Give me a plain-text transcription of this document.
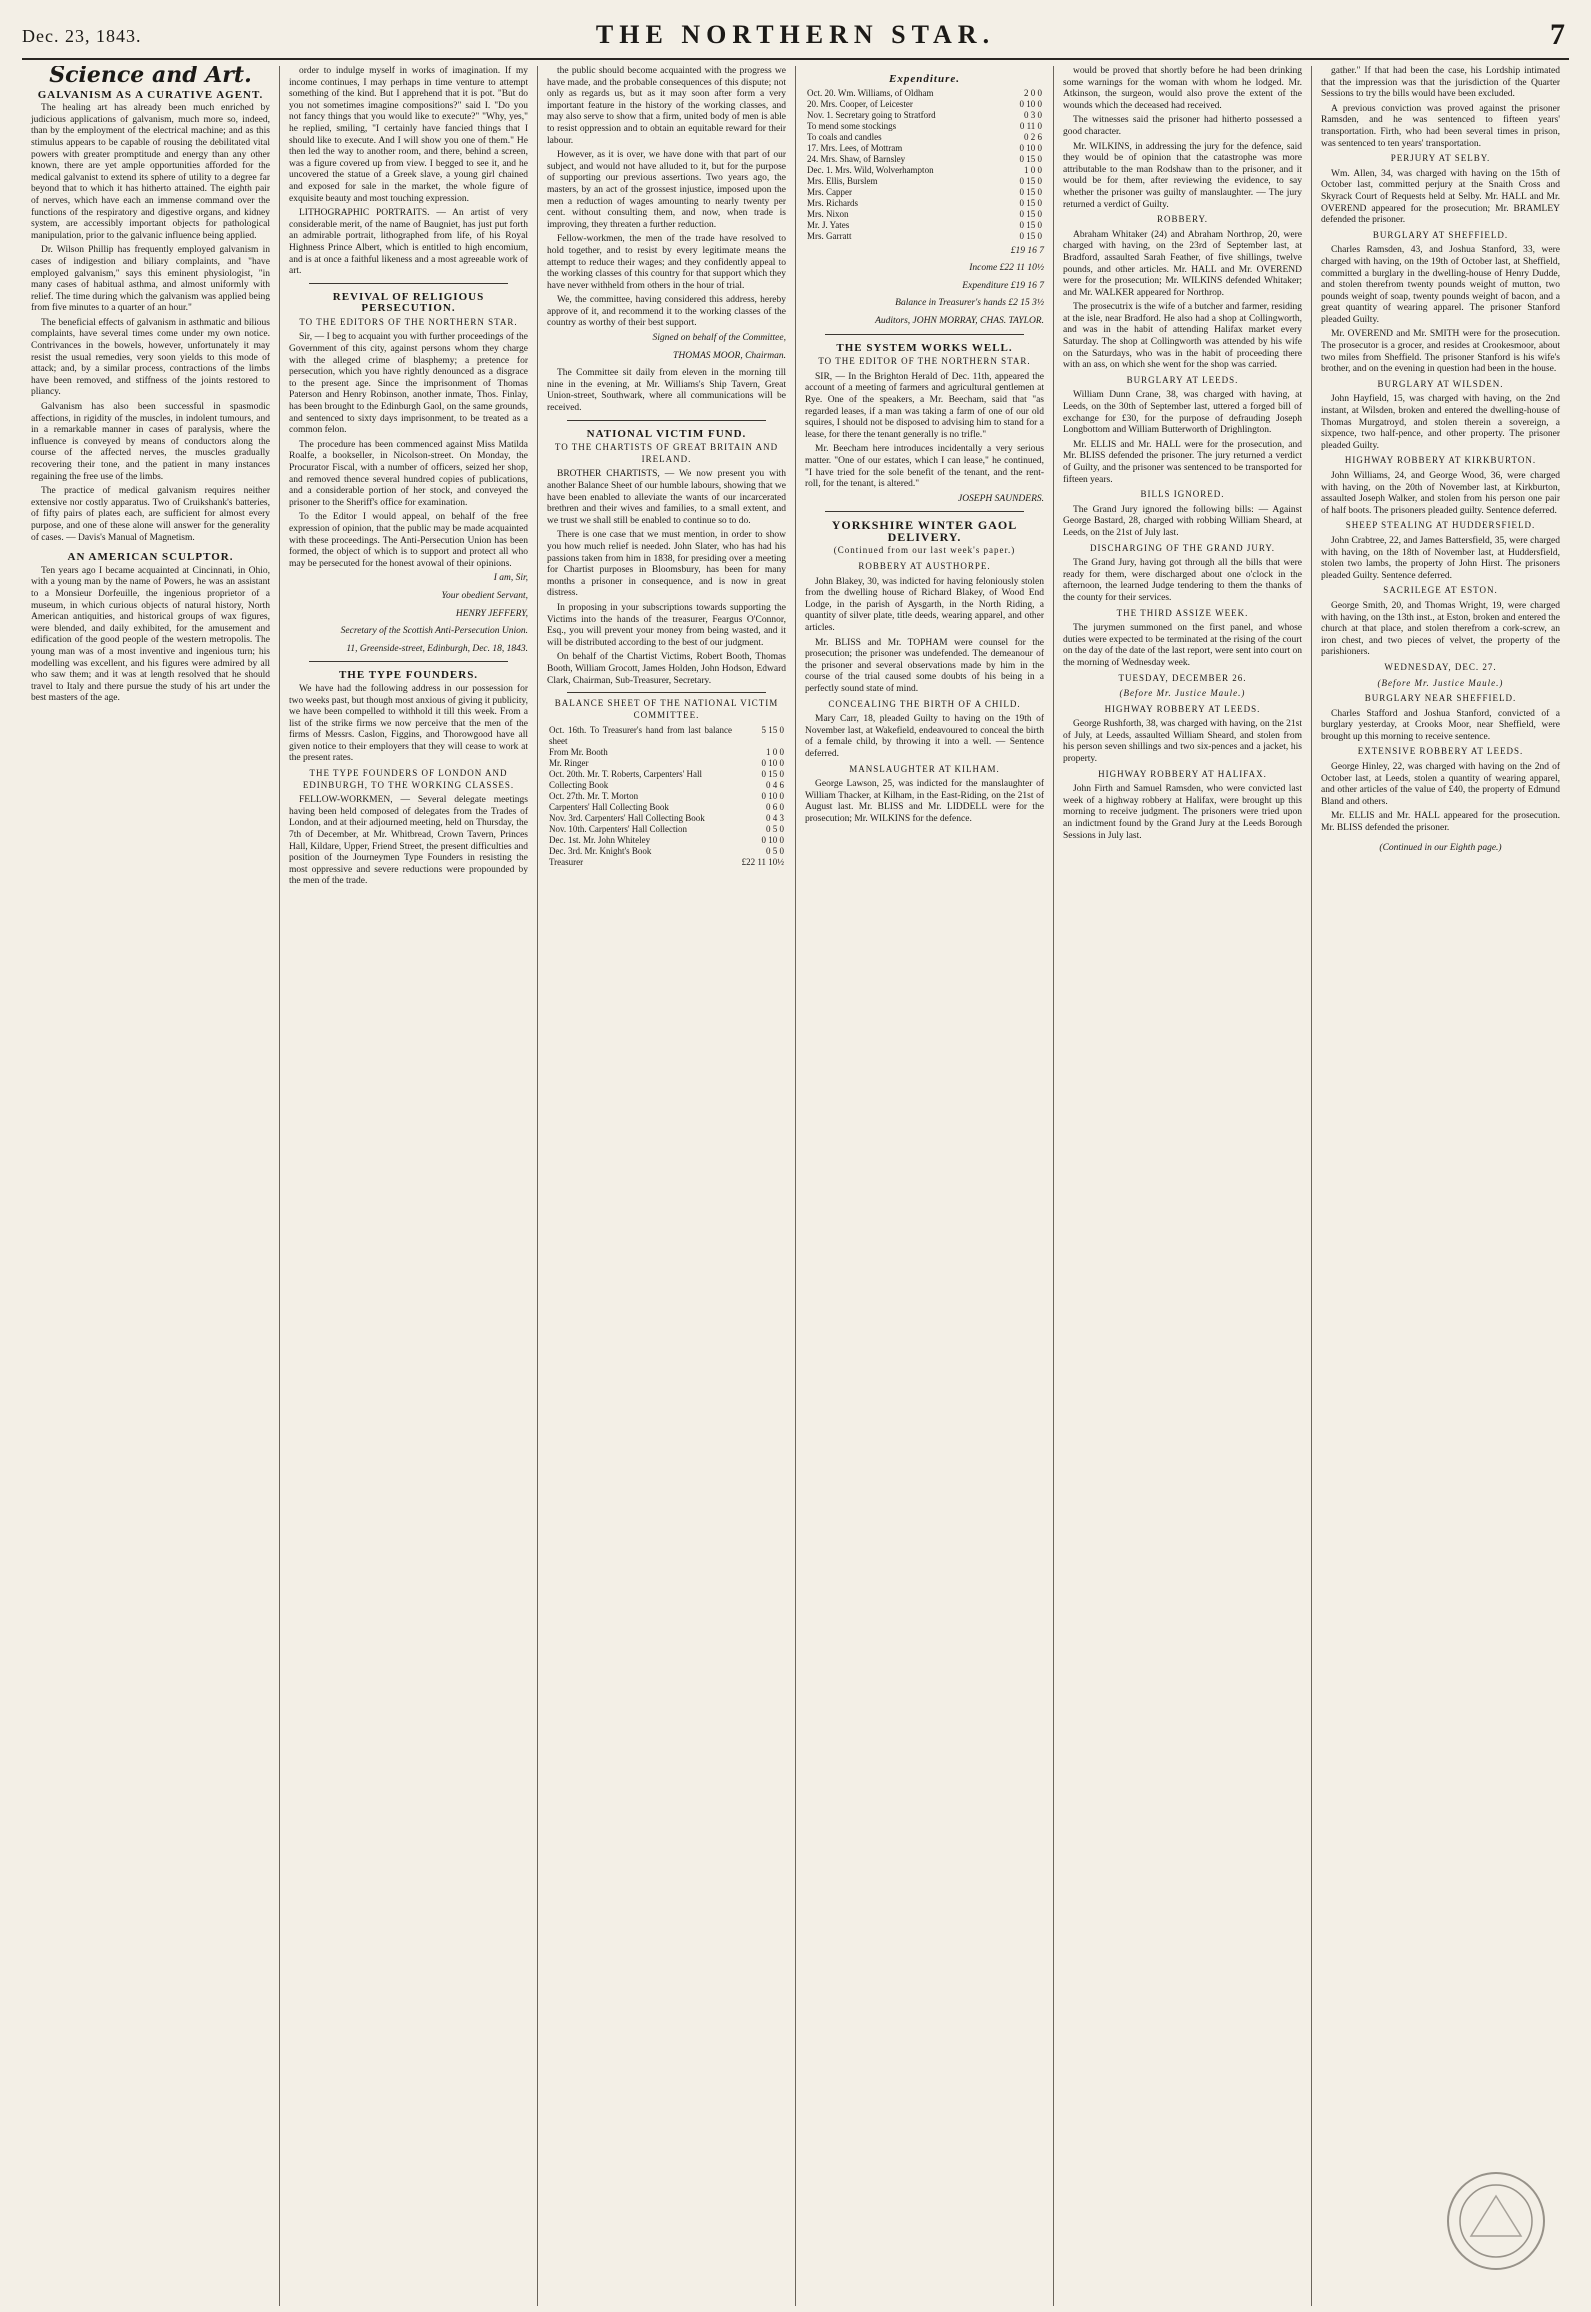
Dec. 23, 1843.	THE NORTHERN STAR.	7
Science and Art.
GALVANISM AS A CURATIVE AGENT.

The healing art has already been much enriched by judicious applications of galvanism, much more so, indeed, than by the employment of the electrical machine; and as this stimulus appears to be capable of rousing the debilitated vital powers with greater promptitude and energy than any other known, there are yet ample opportunities afforded for the medical galvanist to extend its sphere of utility to a degree far beyond that to which it has hitherto attained. The eighth pair of nerves, which have each an immense command over the functions of the respiratory and digestive organs, and kidney system, are accessibly important objects for pathological manipulation, prior to the galvanic influence being applied.

Dr. Wilson Phillip has frequently employed galvanism in cases of indigestion and biliary complaints, and "have employed galvanism," says this eminent physiologist, "in many cases of habitual asthma, and almost uniformly with relief. The time during which the galvanism was applied being from five minutes to a quarter of an hour."

The beneficial effects of galvanism in asthmatic and bilious complaints, have several times come under my own notice. Contrivances in the bowels, however, unfortunately it may resist the usual remedies, very soon yields to this mode of attack; and, by a similar process, contractions of the limbs have been removed, and stiffness of the joints restored to pliancy.

Galvanism has also been successful in spasmodic affections, in rigidity of the muscles, in indolent tumours, and in a remarkable manner in cases of paralysis, where the influence is conveyed by means of conductors along the course of the affected nerves, the muscles gradually recovering their tone, and the patient in many instances regaining the free use of the limbs.

The practice of medical galvanism requires neither extensive nor costly apparatus. Two of Cruikshank's batteries, of fifty pairs of plates each, are sufficient for almost every purpose, and one of these alone will answer for the generality of cases. — Davis's Manual of Magnetism.

AN AMERICAN SCULPTOR.

Ten years ago I became acquainted at Cincinnati, in Ohio, with a young man by the name of Powers, he was an assistant to a Monsieur Dorfeuille, the ingenious proprietor of a museum, in which curious objects of natural history, North American antiquities, and historical groups of wax figures, were blended, and daily exhibited, for the amusement and edification of the good people of the western metropolis. The young man was of a most inventive and ingenious turn; his modelling was excellent, and his figures were admired by all who saw them; and it was at length resolved that he should travel to Italy and there pursue the study of his art under the best masters of the age.

order to indulge myself in works of imagination. If my income continues, I may perhaps in time venture to attempt something of the kind. But I apprehend that it is pot. "But do you not sometimes imagine compositions?" said I. "Do you not fancy things that you would like to execute?" "Why, yes," he replied, smiling, "I certainly have fancied things that I should like to execute. And I will show you one of them." He then led the way to another room, and there, behind a screen, was a figure covered up from view. I begged to see it, and he uncovered the statue of a Greek slave, a young girl chained and exposed for sale in the market, the whole figure of exquisite beauty and most touching expression.

LITHOGRAPHIC PORTRAITS. — An artist of very considerable merit, of the name of Baugniet, has just put forth an admirable portrait, lithographed from life, of his Royal Highness Prince Albert, which is entitled to high encomium, and is at once a faithful likeness and a most agreeable work of art.

REVIVAL OF RELIGIOUS PERSECUTION.
TO THE EDITORS OF THE NORTHERN STAR.

Sir, — I beg to acquaint you with further proceedings of the Government of this city, against persons whom they charge with the alleged crime of blasphemy; a pretence for persecution, which you have rightly denounced as a disgrace to the present age. Since the imprisonment of Thomas Paterson and Henry Robinson, another inmate, Thos. Finlay, has been brought to the Edinburgh Gaol, on the same grounds, and sentenced to sixty days imprisonment, to be treated as a common felon.

The procedure has been commenced against Miss Matilda Roalfe, a bookseller, in Nicolson-street. On Monday, the Procurator Fiscal, with a number of officers, seized her shop, and removed thence several hundred copies of publications, and a considerable portion of her stock, and conveyed the prisoner to the Sheriff's office for examination.

To the Editor I would appeal, on behalf of the free expression of opinion, that the public may be made acquainted with these proceedings. The Anti-Persecution Union has been formed, the object of which is to support and protect all who may be persecuted for the honest avowal of their opinions.

I am, Sir,
Your obedient Servant,
HENRY JEFFERY,
Secretary of the Scottish Anti-Persecution Union.
11, Greenside-street, Edinburgh, Dec. 18, 1843.
THE TYPE FOUNDERS.

We have had the following address in our possession for two weeks past, but though most anxious of giving it publicity, we have been compelled to withhold it till this week. From a list of the strike firms we now perceive that the men of the firms of Messrs. Caslon, Figgins, and Thorowgood have all given notice to their employers that they will cease to work at the present rates.

THE TYPE FOUNDERS OF LONDON AND EDINBURGH, TO THE WORKING CLASSES.

FELLOW-WORKMEN, — Several delegate meetings having been held composed of delegates from the Trades of London, and at their adjourned meeting, held on Thursday, the 7th of December, at Mr. Whitbread, Crown Tavern, Princes Hall, Kildare, Upper, Friend Street, the present difficulties and position of the Journeymen Type Founders in resisting the most oppressive and severe reductions were propounded by the men of the trade.

the public should become acquainted with the progress we have made, and the probable consequences of this dispute; not only as regards us, but as it may soon after form a very important feature in the history of the working classes, and may also serve to show that a firm, united body of men is able to resist oppression and to obtain an equitable reward for their labour.

However, as it is over, we have done with that part of our subject, and would not have alluded to it, but for the purpose of supporting our previous assertions. Two years ago, the masters, by an act of the grossest injustice, imposed upon the men a reduction of wages amounting to nearly twenty per cent. without consulting them, and now, when trade is improving, they threaten a further reduction.

Fellow-workmen, the men of the trade have resolved to hold together, and to resist by every legitimate means the attempt to reduce their wages; and they confidently appeal to the working classes of this country for that support which they have never withheld from others in the hour of trial.

We, the committee, having considered this address, hereby approve of it, and recommend it to the working classes of the country as worthy of their best support.

Signed on behalf of the Committee,
THOMAS MOOR, Chairman.

The Committee sit daily from eleven in the morning till nine in the evening, at Mr. Williams's Ship Tavern, Great Union-street, Southwark, where all communications will be received.

NATIONAL VICTIM FUND.
TO THE CHARTISTS OF GREAT BRITAIN AND IRELAND.

BROTHER CHARTISTS, — We now present you with another Balance Sheet of our humble labours, showing that we have been enabled to alleviate the wants of our incarcerated brethren and their wives and families, to a small extent, and we trust we shall still be enabled to continue so to do.

There is one case that we must mention, in order to show you how much relief is needed. John Slater, who has had his passions taken from him in 1838, for presiding over a meeting for Chartist purposes in Bloomsbury, has been for many months a prisoner in consequence, and is now in great distress.

In proposing in your subscriptions towards supporting the Victims into the hands of the treasurer, Feargus O'Connor, Esq., you will prevent your money from being wasted, and it will be distributed according to the best of our judgment.

On behalf of the Chartist Victims, Robert Booth, Thomas Booth, William Grocott, James Holden, John Hodson, Edward Clark, Chairman, Sub-Treasurer, Secretary.

BALANCE SHEET OF THE NATIONAL VICTIM COMMITTEE.
Oct. 16th. To Treasurer's hand from last balance sheet	5 15 0
From Mr. Booth	1 0 0
Mr. Ringer	0 10 0
Oct. 20th. Mr. T. Roberts, Carpenters' Hall	0 15 0
Collecting Book	0 4 6
Oct. 27th. Mr. T. Morton	0 10 0
Carpenters' Hall Collecting Book	0 6 0
Nov. 3rd. Carpenters' Hall Collecting Book	0 4 3
Nov. 10th. Carpenters' Hall Collection	0 5 0
Dec. 1st. Mr. John Whiteley	0 10 0
Dec. 3rd. Mr. Knight's Book	0 5 0
Treasurer	£22 11 10½
Expenditure.
Oct. 20. Wm. Williams, of Oldham	2 0 0
20. Mrs. Cooper, of Leicester	0 10 0
Nov. 1. Secretary going to Stratford	0 3 0
To mend some stockings	0 11 0
To coals and candles	0 2 6
17. Mrs. Lees, of Mottram	0 10 0
24. Mrs. Shaw, of Barnsley	0 15 0
Dec. 1. Mrs. Wild, Wolverhampton	1 0 0
Mrs. Ellis, Burslem	0 15 0
Mrs. Capper	0 15 0
Mrs. Richards	0 15 0
Mrs. Nixon	0 15 0
Mr. J. Yates	0 15 0
Mrs. Garratt	0 15 0
£19 16 7
Income £22 11 10½
Expenditure £19 16 7
Balance in Treasurer's hands £2 15 3½
Auditors, JOHN MORRAY, CHAS. TAYLOR.
THE SYSTEM WORKS WELL.
TO THE EDITOR OF THE NORTHERN STAR.

SIR, — In the Brighton Herald of Dec. 11th, appeared the account of a meeting of farmers and agricultural gentlemen at Rye. One of the speakers, a Mr. Beecham, said that "as regarded leases, if a man was taking a farm of one of our old squires, I should not be disposed to advising him to stand for a lease, for there the tenant generally is no trifle."

Mr. Beecham here introduces incidentally a very serious matter. "One of our estates, which I can lease," he continued, "I have tried for the sole benefit of the tenant, and the rent-roll, for the tenant, is altered."

JOSEPH SAUNDERS.
YORKSHIRE WINTER GAOL DELIVERY.
(Continued from our last week's paper.)
ROBBERY AT AUSTHORPE.

John Blakey, 30, was indicted for having feloniously stolen from the dwelling house of Richard Blakey, of Wood End Lodge, in the parish of Aysgarth, in the North Riding, a quantity of silver plate, title deeds, wearing apparel, and other articles.

Mr. BLISS and Mr. TOPHAM were counsel for the prosecution; the prisoner was undefended. The demeanour of the prisoner and several observations made by him in the course of the trial caused some doubts of his being in a perfectly sound state of mind.

CONCEALING THE BIRTH OF A CHILD.

Mary Carr, 18, pleaded Guilty to having on the 19th of November last, at Wakefield, endeavoured to conceal the birth of a female child, by throwing it into a well. — Sentence deferred.

MANSLAUGHTER AT KILHAM.

George Lawson, 25, was indicted for the manslaughter of William Thacker, at Kilham, in the East-Riding, on the 21st of August last. Mr. BLISS and Mr. LIDDELL were for the prosecution; Mr. WILKINS for the defence.

would be proved that shortly before he had been drinking some warnings for the woman with whom he lodged. Mr. Atkinson, the surgeon, would also prove the extent of the wounds which the deceased had received.

The witnesses said the prisoner had hitherto possessed a good character.

Mr. WILKINS, in addressing the jury for the defence, said they would be of opinion that the catastrophe was more attributable to the man Rodshaw than to the prisoner, and it would be for them, after reviewing the evidence, to say whether the prisoner was guilty of manslaughter. — The jury returned a verdict of Guilty.

ROBBERY.

Abraham Whitaker (24) and Abraham Northrop, 20, were charged with having, on the 23rd of September last, at Bradford, assaulted Sarah Feather, of five shillings, twelve pounds, and other articles. Mr. HALL and Mr. OVEREND were for the prosecution; Mr. WILKINS defended Whitaker; and Mr. WALKER appeared for Northrop.

The prosecutrix is the wife of a butcher and farmer, residing at the isle, near Bradford. He also had a shop at Collingworth, and was in the habit of attending Halifax market every Saturday. The shop at Collingworth was attended by his wife on the Saturdays, who was in the habit of proceeding there with an ass, on which she went for the shop was carried.

BURGLARY AT LEEDS.

William Dunn Crane, 38, was charged with having, at Leeds, on the 30th of September last, uttered a forged bill of exchange for £30, for the purpose of defrauding Joseph Longbottom and William Butterworth of Drighlington.

Mr. ELLIS and Mr. HALL were for the prosecution, and Mr. BLISS defended the prisoner. The jury returned a verdict of Guilty, and the prisoner was sentenced to be transported for fifteen years.

BILLS IGNORED.

The Grand Jury ignored the following bills: — Against George Bastard, 28, charged with robbing William Sheard, at Leeds, on the 21st of July last.

DISCHARGING OF THE GRAND JURY.

The Grand Jury, having got through all the bills that were ready for them, were discharged about one o'clock in the afternoon, the learned Judge tendering to them the thanks of the county for their services.

THE THIRD ASSIZE WEEK.

The jurymen summoned on the first panel, and whose duties were expected to be terminated at the rising of the court on the day of the date of the last report, were sent into court on the morning of Wednesday week.

TUESDAY, DECEMBER 26.
(Before Mr. Justice Maule.)
HIGHWAY ROBBERY AT LEEDS.

George Rushforth, 38, was charged with having, on the 21st of July, at Leeds, assaulted William Sheard, and stolen from his person seven shillings and two six-pences and a jacket, his property.

HIGHWAY ROBBERY AT HALIFAX.

John Firth and Samuel Ramsden, who were convicted last week of a highway robbery at Halifax, were brought up this morning to receive judgment. The prisoners were tried upon an indictment found by the Grand Jury at the Leeds Borough Sessions in July last.

gather." If that had been the case, his Lordship intimated that the impression was that the jurisdiction of the Quarter Sessions to try the bills would have been excluded.

A previous conviction was proved against the prisoner Ramsden, and he was sentenced to fifteen years' transportation. Firth, who had been several times in prison, was sentenced to ten years' transportation.

PERJURY AT SELBY.

Wm. Allen, 34, was charged with having on the 15th of October last, committed perjury at the Snaith Cross and Skyrack Court of Requests held at Selby. Mr. HALL and Mr. OVEREND appeared for the prosecution; Mr. BRAMLEY defended the prisoner.

BURGLARY AT SHEFFIELD.

Charles Ramsden, 43, and Joshua Stanford, 33, were charged with having, on the 19th of October last, at Sheffield, committed a burglary in the dwelling-house of Henry Dudde, and stolen therefrom twenty pounds weight of mutton, two pounds weight of soap, twenty pounds weight of bacon, and a great quantity of wearing apparel. The prisoner Stanford pleaded Guilty.

Mr. OVEREND and Mr. SMITH were for the prosecution. The prosecutor is a grocer, and resides at Crookesmoor, about two miles from Sheffield. The prisoner Stanford is his wife's brother, and on the evening in question had been in the house.

BURGLARY AT WILSDEN.

John Hayfield, 15, was charged with having, on the 2nd instant, at Wilsden, broken and entered the dwelling-house of Thomas Murgatroyd, and stolen therein a sovereign, a sixpence, two half-pence, and other property. The prisoner pleaded Guilty.

HIGHWAY ROBBERY AT KIRKBURTON.

John Williams, 24, and George Wood, 36, were charged with having, on the 20th of November last, at Kirkburton, assaulted Joseph Walker, and stolen from his person one pair of half boots. The prisoners pleaded guilty. Sentence deferred.

SHEEP STEALING AT HUDDERSFIELD.

John Crabtree, 22, and James Battersfield, 35, were charged with having, on the 18th of November last, at Huddersfield, stolen two lambs, the property of John Hirst. The prisoners pleaded Guilty. Sentence deferred.

SACRILEGE AT ESTON.

George Smith, 20, and Thomas Wright, 19, were charged with having, on the 13th inst., at Eston, broken and entered the church at that place, and stolen therefrom a cork-screw, an iron chest, and two pieces of velvet, the property of the parishioners.

WEDNESDAY, DEC. 27.
(Before Mr. Justice Maule.)
BURGLARY NEAR SHEFFIELD.

Charles Stafford and Joshua Stanford, convicted of a burglary yesterday, at Crooks Moor, near Sheffield, were brought up this morning to receive sentence.

EXTENSIVE ROBBERY AT LEEDS.

George Hinley, 22, was charged with having on the 2nd of October last, at Leeds, stolen a quantity of wearing apparel, and other articles of the value of £40, the property of Edmund Bland and others.

Mr. ELLIS and Mr. HALL appeared for the prosecution. Mr. BLISS defended the prisoner.

(Continued in our Eighth page.)
